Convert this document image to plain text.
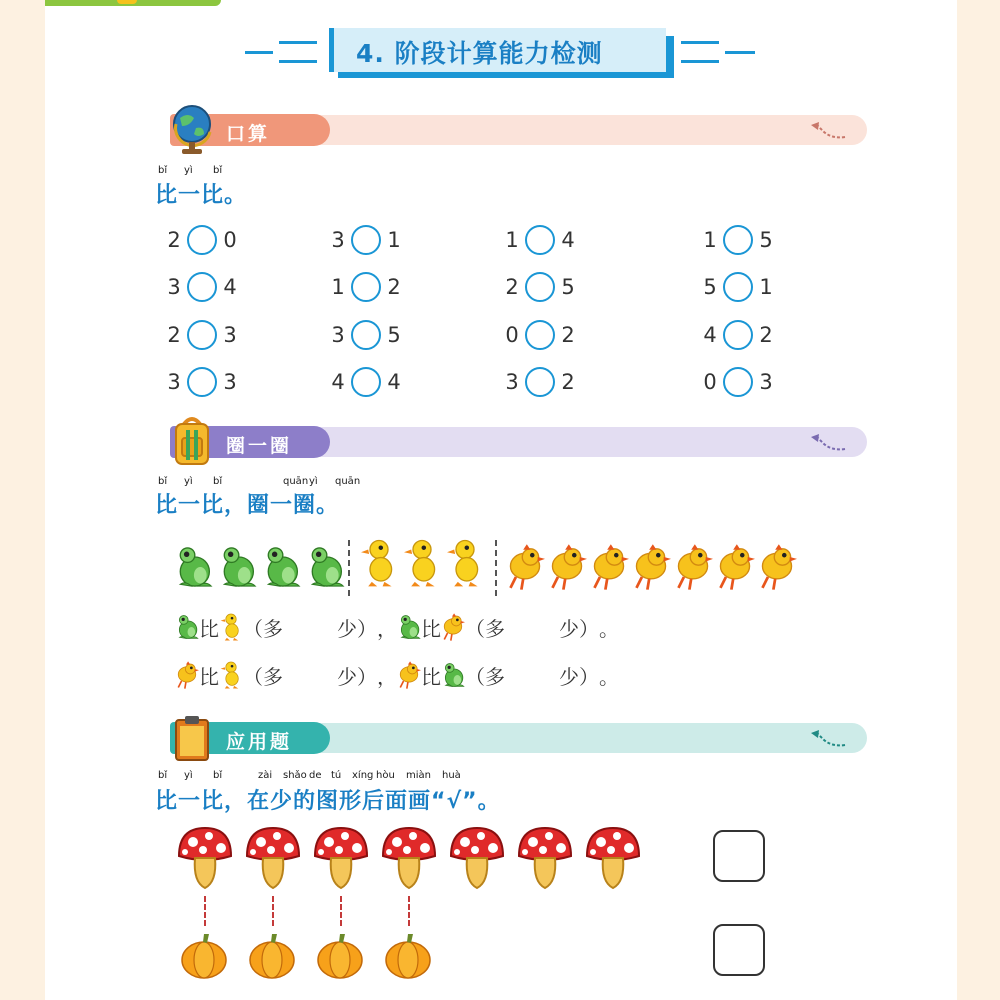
4. 阶段计算能力检测
口算
bǐ yì bǐ
比一比。
圈一圈
比一比，圈一圈。
比 （ 多	少 ） ， 比 （ 多	少 ） 。
比 （ 多	少 ） ， 比 （ 多	少 ） 。
应用题
比一比，在少的图形后面画“√”。
2 0	3 1	1 4	1 5
3 4	1 2	2 5	5 1
2 3	3 5	0 2	4 2
3 3	4 4	3 2	0 3
bǐ yì bǐ	quān yì quān
bǐ yì bǐ	zài shǎo de tú xíng hòu miàn huà
